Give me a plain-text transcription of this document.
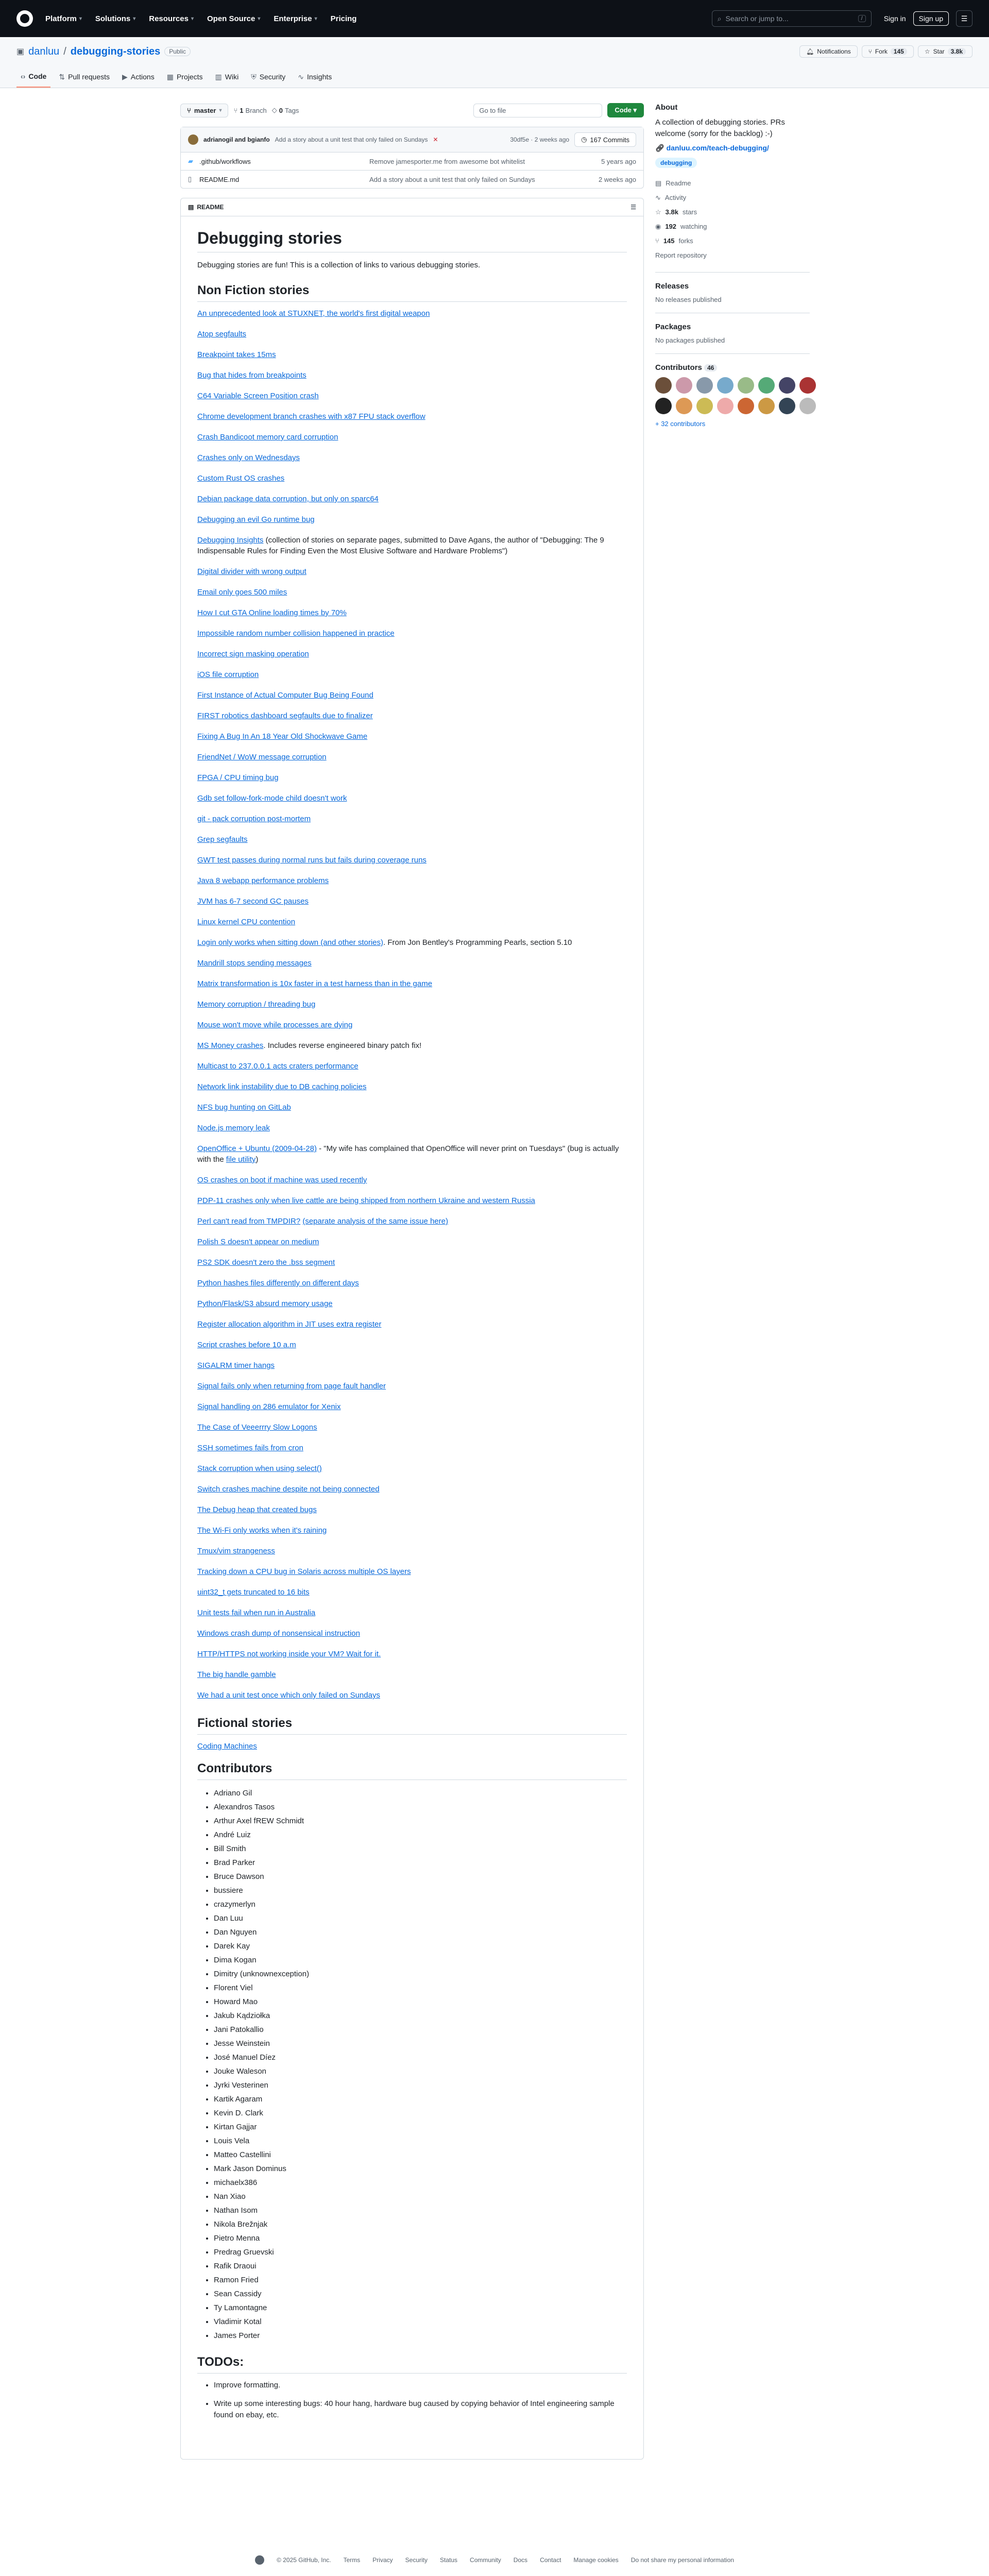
Platform ▾ Solutions ▾ Resources ▾ Open Source ▾ Enterprise ▾ Pricing	⌕ Search or jump to...	/	Sign in	Sign up	☰
▣ danluu / debugging-stories	Public	🔔︎ Notifications	⑂ Fork	145	☆ Star	3.8k
‹› Code ⇅ Pull requests ▶ Actions ▦ Projects ▥ Wiki ⛨ Security ∿ Insights
⑂ master ▾ ⑂ 1 Branch ◇ 0 Tags	Go to file	Code ▾
adrianogil and bgianfo Add a story about a unit test that only failed on Sundays ✕	30df5e · 2 weeks ago ◷ 167 Commits
▰ .github/workflows	Remove jamesporter.me from awesome bot whitelist	5 years ago
▯	README.md	Add a story about a unit test that only failed on Sundays	2 weeks ago
▤ README	☰
Debugging stories

Debugging stories are fun! This is a collection of links to various debugging stories.

Non Fiction stories
An unprecedented look at STUXNET, the world's first digital weapon
Atop segfaults
Breakpoint takes 15ms
Bug that hides from breakpoints
C64 Variable Screen Position crash
Chrome development branch crashes with x87 FPU stack overflow
Crash Bandicoot memory card corruption
Crashes only on Wednesdays
Custom Rust OS crashes
Debian package data corruption, but only on sparc64
Debugging an evil Go runtime bug
Debugging Insights (collection of stories on separate pages, submitted to Dave Agans, the author of "Debugging: The 9 Indispensable Rules for Finding Even the Most Elusive Software and Hardware Problems")
Digital divider with wrong output
Email only goes 500 miles
How I cut GTA Online loading times by 70%
Impossible random number collision happened in practice
Incorrect sign masking operation
iOS file corruption
First Instance of Actual Computer Bug Being Found
FIRST robotics dashboard segfaults due to finalizer
Fixing A Bug In An 18 Year Old Shockwave Game
FriendNet / WoW message corruption
FPGA / CPU timing bug
Gdb set follow-fork-mode child doesn't work
git - pack corruption post-mortem
Grep segfaults
GWT test passes during normal runs but fails during coverage runs
Java 8 webapp performance problems
JVM has 6-7 second GC pauses
Linux kernel CPU contention
Login only works when sitting down (and other stories). From Jon Bentley's Programming Pearls, section 5.10
Mandrill stops sending messages
Matrix transformation is 10x faster in a test harness than in the game
Memory corruption / threading bug
Mouse won't move while processes are dying
MS Money crashes. Includes reverse engineered binary patch fix!
Multicast to 237.0.0.1 acts craters performance
Network link instability due to DB caching policies
NFS bug hunting on GitLab
Node.js memory leak
OpenOffice + Ubuntu (2009-04-28) - "My wife has complained that OpenOffice will never print on Tuesdays" (bug is actually with the file utility)
OS crashes on boot if machine was used recently
PDP-11 crashes only when live cattle are being shipped from northern Ukraine and western Russia
Perl can't read from TMPDIR? (separate analysis of the same issue here)
Polish S doesn't appear on medium
PS2 SDK doesn't zero the .bss segment
Python hashes files differently on different days
Python/Flask/S3 absurd memory usage
Register allocation algorithm in JIT uses extra register
Script crashes before 10 a.m
SIGALRM timer hangs
Signal fails only when returning from page fault handler
Signal handling on 286 emulator for Xenix
The Case of Veeerrry Slow Logons
SSH sometimes fails from cron
Stack corruption when using select()
Switch crashes machine despite not being connected
The Debug heap that created bugs
The Wi-Fi only works when it's raining
Tmux/vim strangeness
Tracking down a CPU bug in Solaris across multiple OS layers
uint32_t gets truncated to 16 bits
Unit tests fail when run in Australia
Windows crash dump of nonsensical instruction
HTTP/HTTPS not working inside your VM? Wait for it.
The big handle gamble
We had a unit test once which only failed on Sundays
Fictional stories
Coding Machines
Contributors
• Adriano Gil
• Alexandros Tasos
• Arthur Axel fREW Schmidt
• André Luiz
• Bill Smith
• Brad Parker
• Bruce Dawson
• bussiere
• crazymerlyn
• Dan Luu
• Dan Nguyen
• Darek Kay
• Dima Kogan
• Dimitry (unknownexception)
• Florent Viel
• Howard Mao
• Jakub Kądziołka
• Jani Patokallio
• Jesse Weinstein
• José Manuel Díez
• Jouke Waleson
• Jyrki Vesterinen
• Kartik Agaram
• Kevin D. Clark
• Kirtan Gajjar
• Louis Vela
• Matteo Castellini
• Mark Jason Dominus
• michaelx386
• Nan Xiao
• Nathan Isom
• Nikola Brežnjak
• Pietro Menna
• Predrag Gruevski
• Rafik Draoui
• Ramon Fried
• Sean Cassidy
• Ty Lamontagne
• Vladimir Kotal
• James Porter
TODOs:
• Improve formatting.
• Write up some interesting bugs: 40 hour hang, hardware bug caused by copying behavior of Intel engineering sample found on ebay, etc.
About

A collection of debugging stories. PRs welcome (sorry for the backlog) :-)

🔗︎ danluu.com/teach-debugging/
debugging
▤ Readme
∿ Activity
☆ 3.8k stars
◉ 192 watching
⑂ 145 forks
Report repository
Releases

No releases published

Packages

No packages published

Contributors 46
+ 32 contributors
© 2025 GitHub, Inc. Terms Privacy Security Status Community Docs Contact Manage cookies Do not share my personal information
